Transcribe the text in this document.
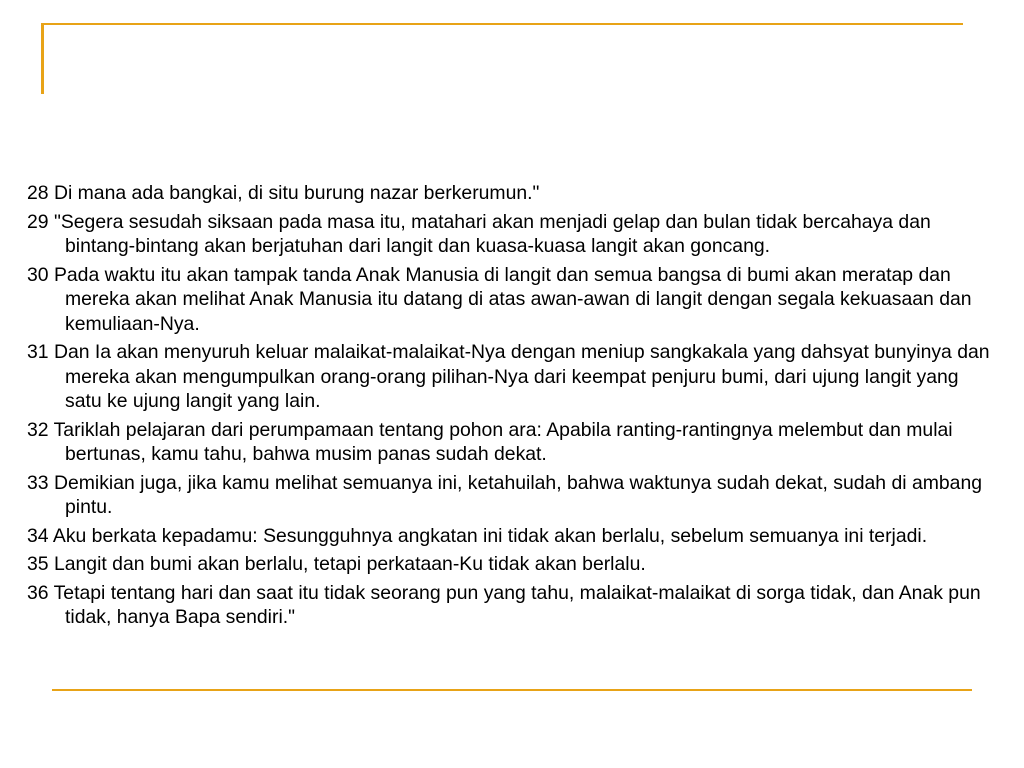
28 Di mana ada bangkai, di situ burung nazar berkerumun."

29 "Segera sesudah siksaan pada masa itu, matahari akan menjadi gelap dan bulan tidak bercahaya dan bintang-bintang akan berjatuhan dari langit dan kuasa-kuasa langit akan goncang.

30 Pada waktu itu akan tampak tanda Anak Manusia di langit dan semua bangsa di bumi akan meratap dan mereka akan melihat Anak Manusia itu datang di atas awan-awan di langit dengan segala kekuasaan dan kemuliaan-Nya.

31 Dan Ia akan menyuruh keluar malaikat-malaikat-Nya dengan meniup sangkakala yang dahsyat bunyinya dan mereka akan mengumpulkan orang-orang pilihan-Nya dari keempat penjuru bumi, dari ujung langit yang satu ke ujung langit yang lain.

32 Tariklah pelajaran dari perumpamaan tentang pohon ara: Apabila ranting-rantingnya melembut dan mulai bertunas, kamu tahu, bahwa musim panas sudah dekat.

33 Demikian juga, jika kamu melihat semuanya ini, ketahuilah, bahwa waktunya sudah dekat, sudah di ambang pintu.

34 Aku berkata kepadamu: Sesungguhnya angkatan ini tidak akan berlalu, sebelum semuanya ini terjadi.

35 Langit dan bumi akan berlalu, tetapi perkataan-Ku tidak akan berlalu.

36 Tetapi tentang hari dan saat itu tidak seorang pun yang tahu, malaikat-malaikat di sorga tidak, dan Anak pun tidak, hanya Bapa sendiri."
